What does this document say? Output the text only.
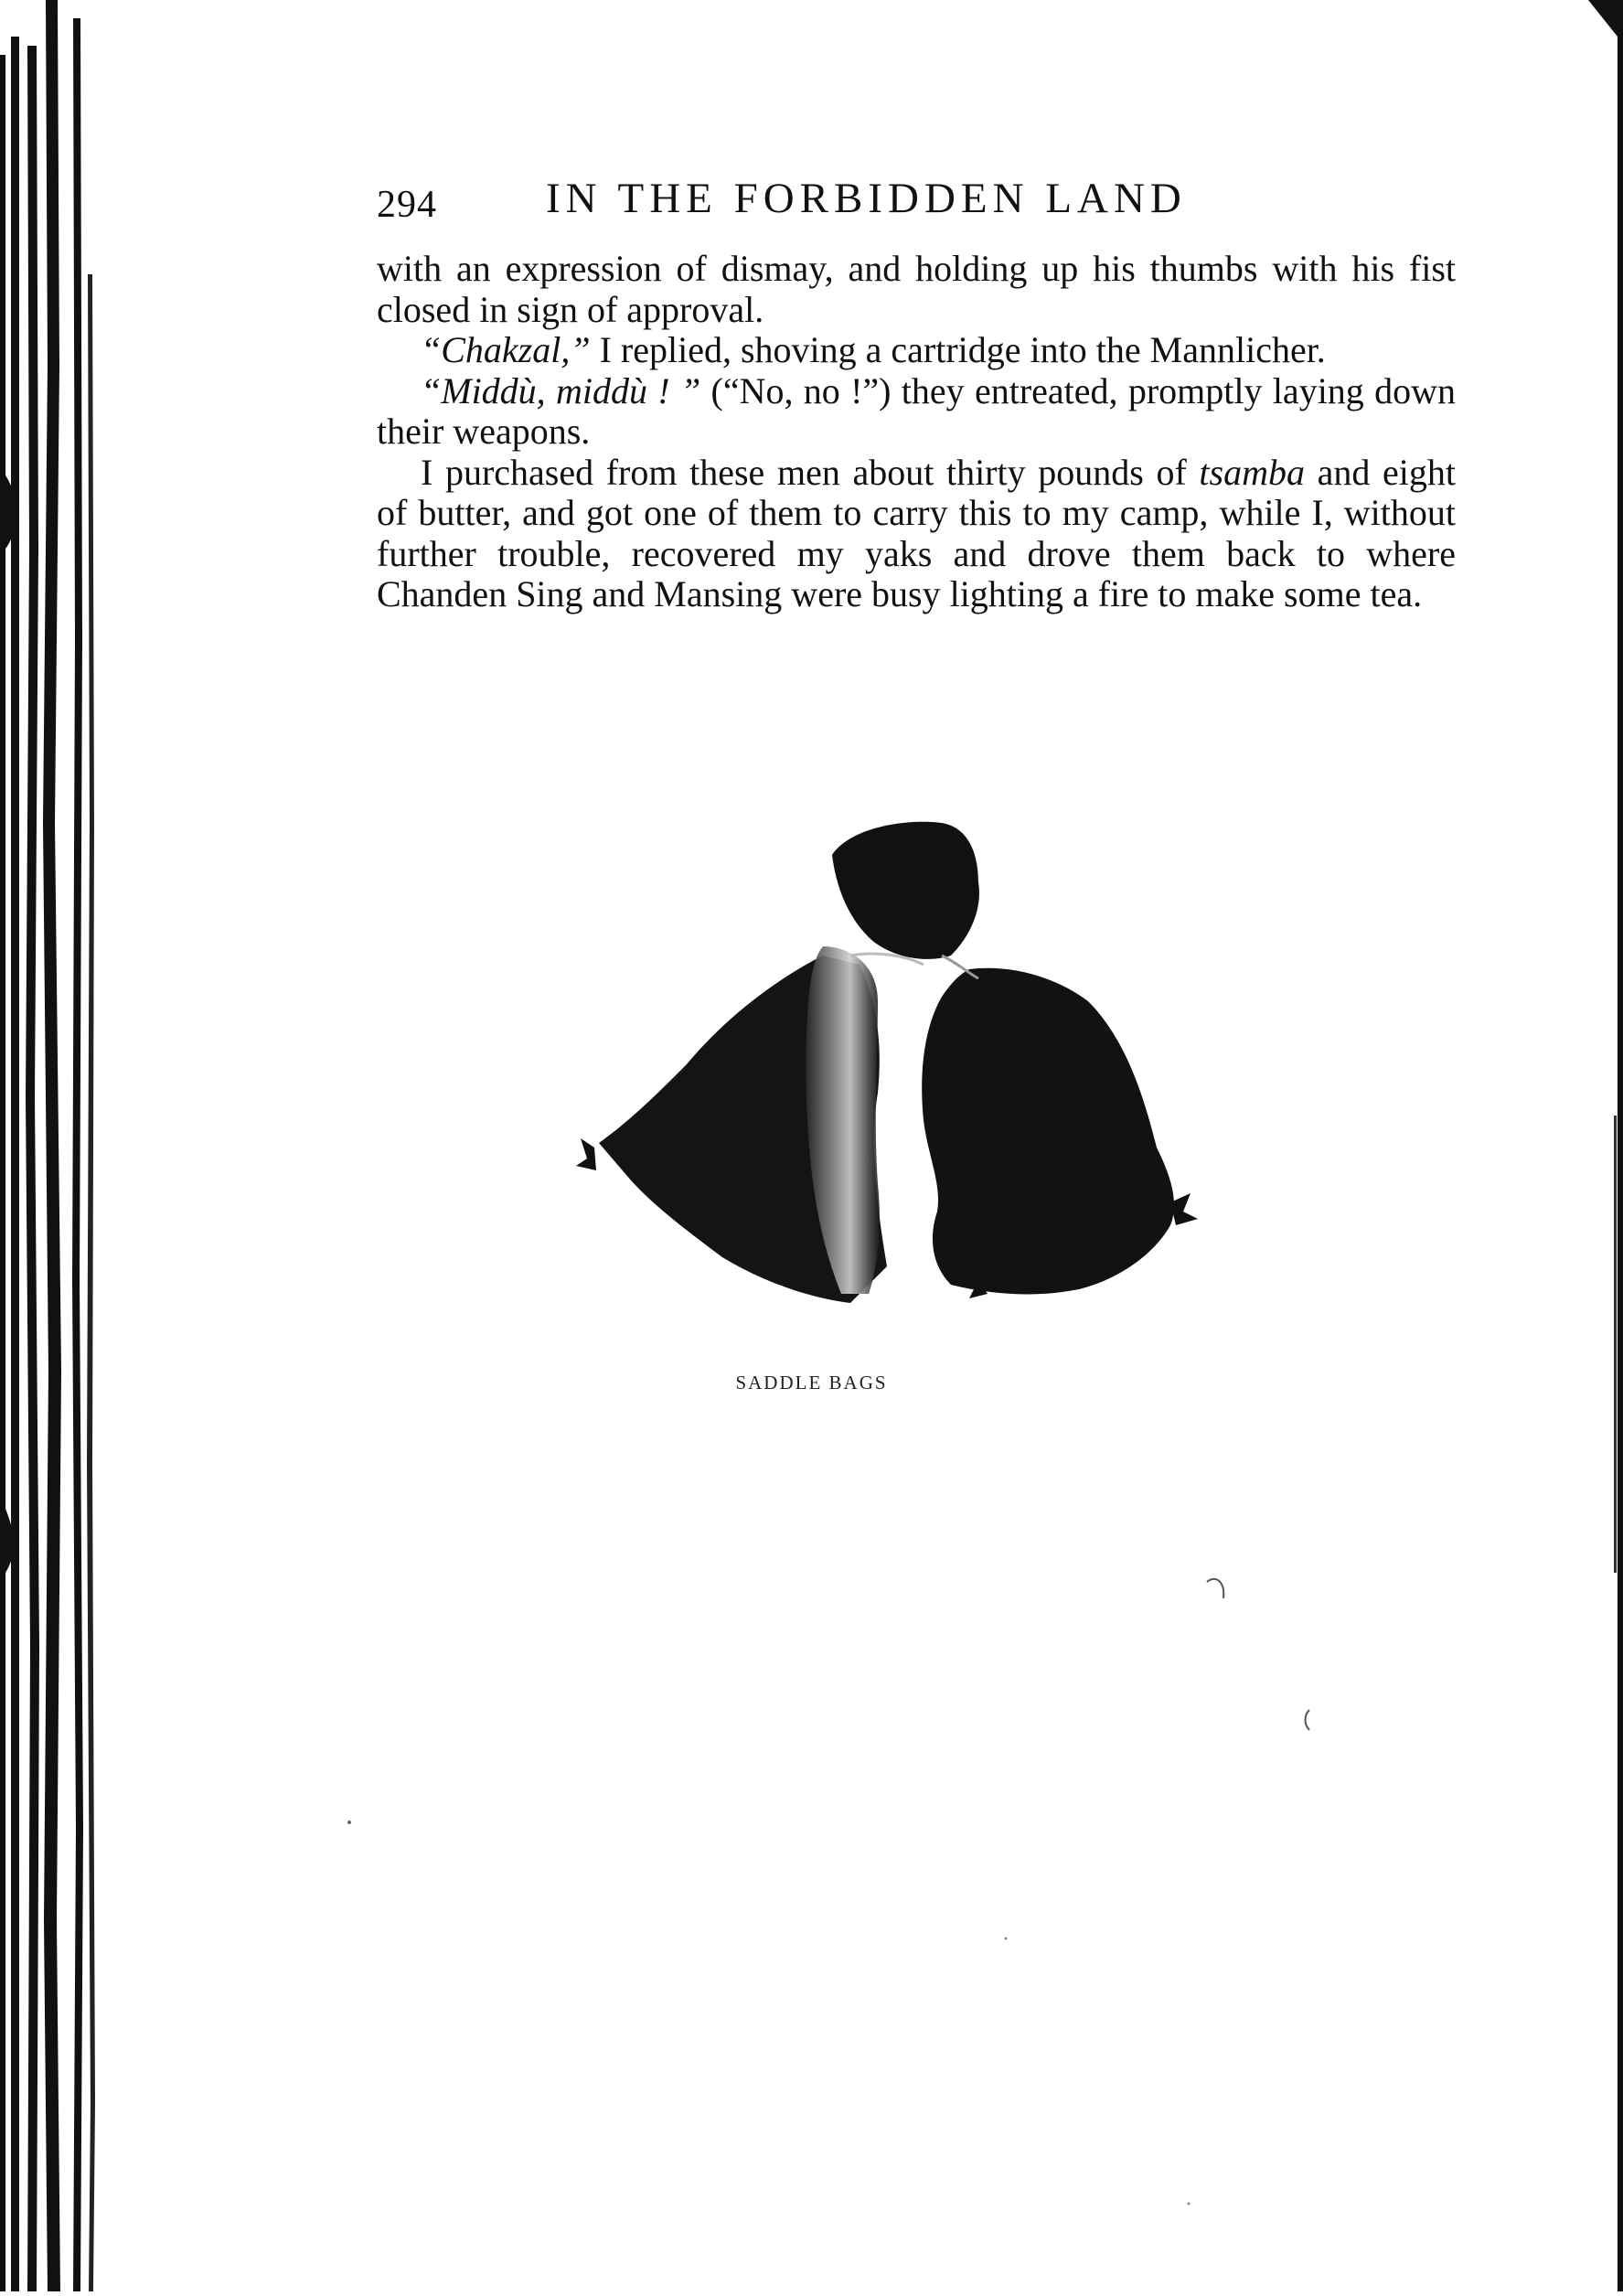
294	IN THE FORBIDDEN LAND

with an expression of dismay, and holding up his thumbs with his fist closed in sign of approval.

“Chakzal,” I replied, shoving a cartridge into the Mannlicher.

“Middù, middù ! ” (“No, no !”) they entreated, promptly laying down their weapons.

I purchased from these men about thirty pounds of tsamba and eight of butter, and got one of them to carry this to my camp, while I, without further trouble, recovered my yaks and drove them back to where Chanden Sing and Mansing were busy lighting a fire to make some tea.

SADDLE BAGS
